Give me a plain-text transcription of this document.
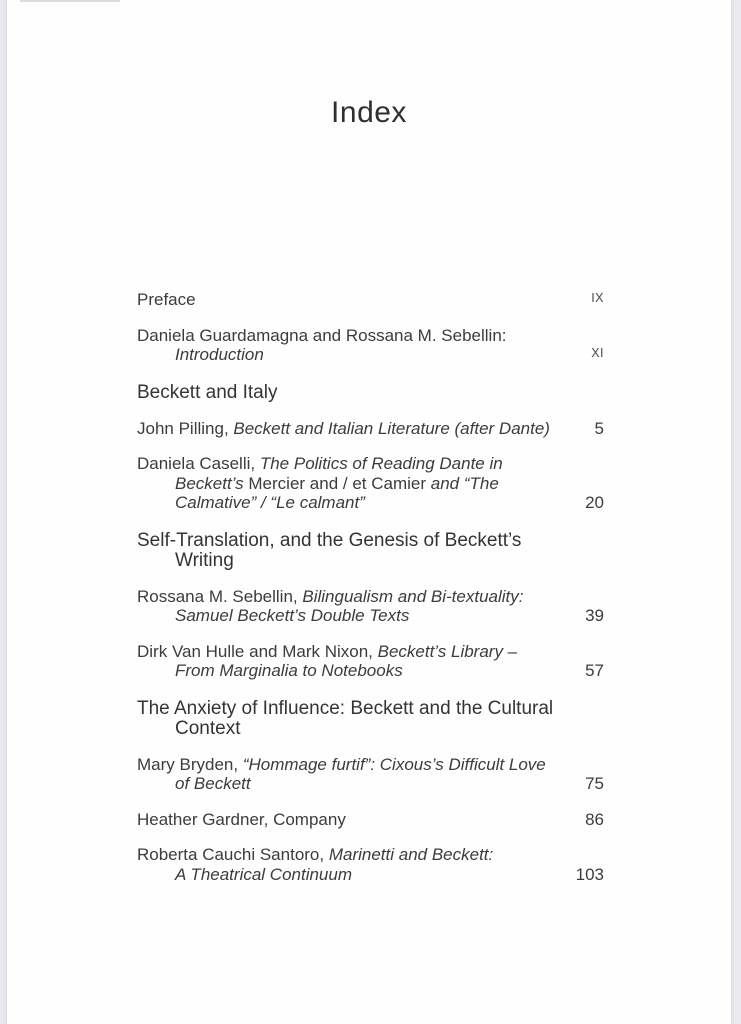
Index
Preface	IX
Daniela Guardamagna and Rossana M. Sebellin:
Introduction	XI
Beckett and Italy
John Pilling, Beckett and Italian Literature (after Dante)	5
Daniela Caselli, The Politics of Reading Dante in
Beckett’s Mercier and / et Camier and “The
Calmative” / “Le calmant”	20
Self-Translation, and the Genesis of Beckett’s
Writing
Rossana M. Sebellin, Bilingualism and Bi-textuality:
Samuel Beckett’s Double Texts	39
Dirk Van Hulle and Mark Nixon, Beckett’s Library –
From Marginalia to Notebooks	57
The Anxiety of Influence: Beckett and the Cultural
Context
Mary Bryden, “Hommage furtif”: Cixous’s Difficult Love
of Beckett	75
Heather Gardner, Company	86
Roberta Cauchi Santoro, Marinetti and Beckett:
A Theatrical Continuum	103
